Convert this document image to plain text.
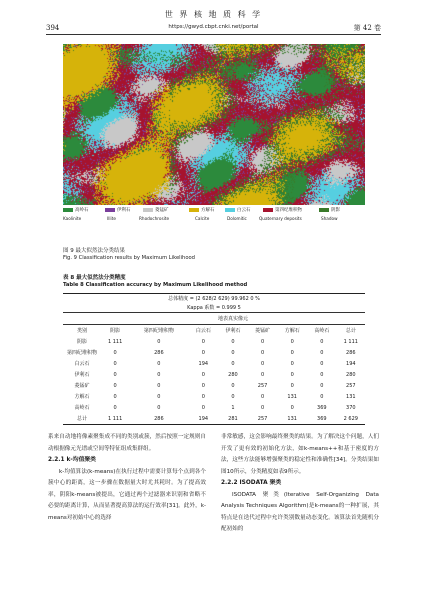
世 界 核 地 质 科 学
394	https://gwyd.cbpt.cnki.net/portal	第 42 卷
高岭石	伊利石	菱锰矿	方解石	白云石	第四纪堆积物	阴影
Kaolinite	Illite	Rhodochrosite	Calcite	Dolomitic	Quaternary deposits	Shadow
图 9 最大似然法分类结果
Fig. 9 Classification results by Maximum Likelihood
表 8 最大似然法分类精度
Table 8 Classification accuracy by Maximum Likelihood method
总体精度 = (2 628/2 629) 99.962 0 %								
Kappa 系数 = 0.999 5								
	地表真实像元							
类别	阴影	第四纪堆积物	白云石	伊利石	菱锰矿	方解石	高岭石	总计
阴影	1 111	0	0	0	0	0	0	1 111
第四纪堆积物	0	286	0	0	0	0	0	286
白云石	0	0	194	0	0	0	0	194
伊利石	0	0	0	280	0	0	0	280
菱锰矿	0	0	0	0	257	0	0	257
方解石	0	0	0	0	0	131	0	131
高岭石	0	0	0	1	0	0	369	370
总计	1 111	286	194	281	257	131	369	2 629

系来自动地将像素聚集成不同的类别或簇，然后按照一定规则自动根据像元光谱或空间等特征组成集群组。

2.2.1 k-均值聚类

k-均值算法(k-means)在执行过程中需要计算每个点到各个簇中心的距离，这一步骤在数据量大时尤其耗时。为了提高效率，阴阳k-means被提出，它通过两个过滤器来识别和省略不必要的距离计算，从而显著提高算法的运行效率[31]。此外，k-means对初始中心的选择

非常敏感，这会影响最终聚类的结果。为了解决这个问题，人们开发了更有效的初始化方法，如k-means++和基于密度的方法，这些方法能够增强聚类的稳定性和准确性[34]。分类结果如图10所示，分类精度如表9所示。

2.2.2 ISODATA 聚类

ISODATA 聚类(Iterative Self-Organizing Data Analysis Techniques Algorithm)是k-means的一种扩展，其特点是在迭代过程中允许类别数量动态变化。该算法首先随机分配初始的
